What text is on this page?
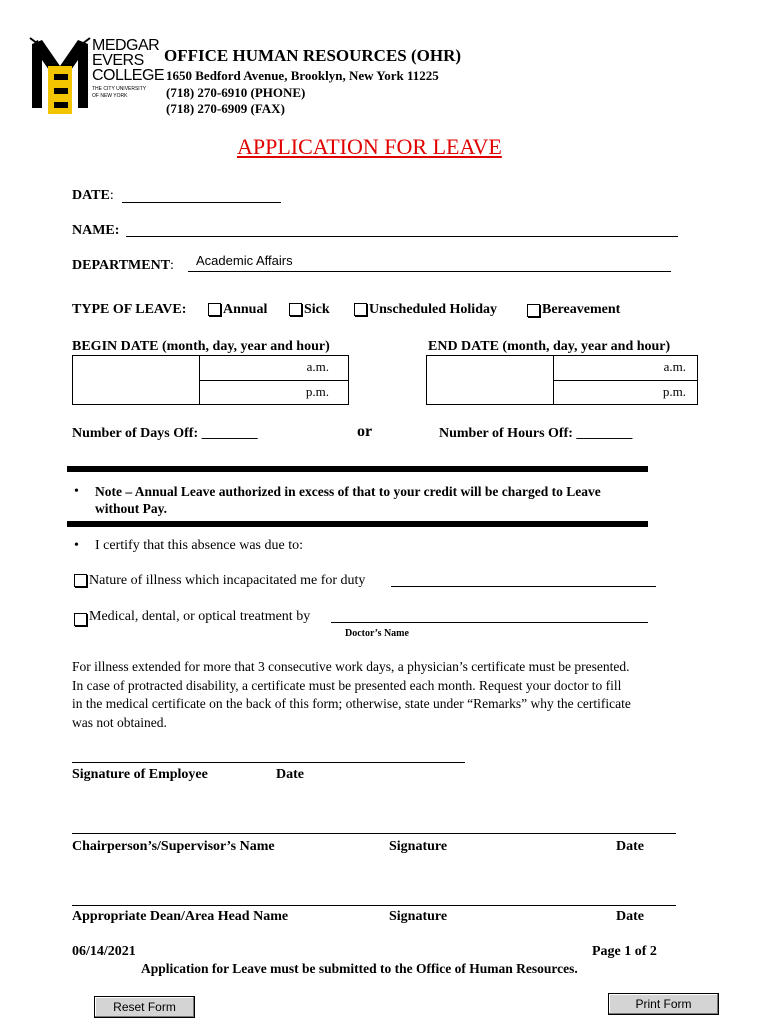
MEDGAR
EVERS
COLLEGE
THE CITY UNIVERSITY
OF NEW YORK
OFFICE HUMAN RESOURCES (OHR)
1650 Bedford Avenue, Brooklyn, New York 11225
(718) 270-6910 (PHONE)
(718) 270-6909 (FAX)
APPLICATION FOR LEAVE
DATE:
NAME:
DEPARTMENT: Academic Affairs
TYPE OF LEAVE:	Annual	Sick	Unscheduled Holiday	Bereavement
BEGIN DATE (month, day, year and hour)	END DATE (month, day, year and hour)
a.m.
p.m.
a.m.
p.m.
Number of Days Off: ________	or	Number of Hours Off: ________
• Note – Annual Leave authorized in excess of that to your credit will be charged to Leave
without Pay.
• I certify that this absence was due to:
Nature of illness which incapacitated me for duty
Medical, dental, or optical treatment by
Doctor’s Name
For illness extended for more that 3 consecutive work days, a physician’s certificate must be presented.
In case of protracted disability, a certificate must be presented each month. Request your doctor to fill
in the medical certificate on the back of this form; otherwise, state under “Remarks” why the certificate
was not obtained.
Signature of Employee	Date
Chairperson’s/Supervisor’s Name	Signature	Date
Appropriate Dean/Area Head Name	Signature	Date
06/14/2021	Page 1 of 2
Application for Leave must be submitted to the Office of Human Resources.
Reset Form	Print Form
